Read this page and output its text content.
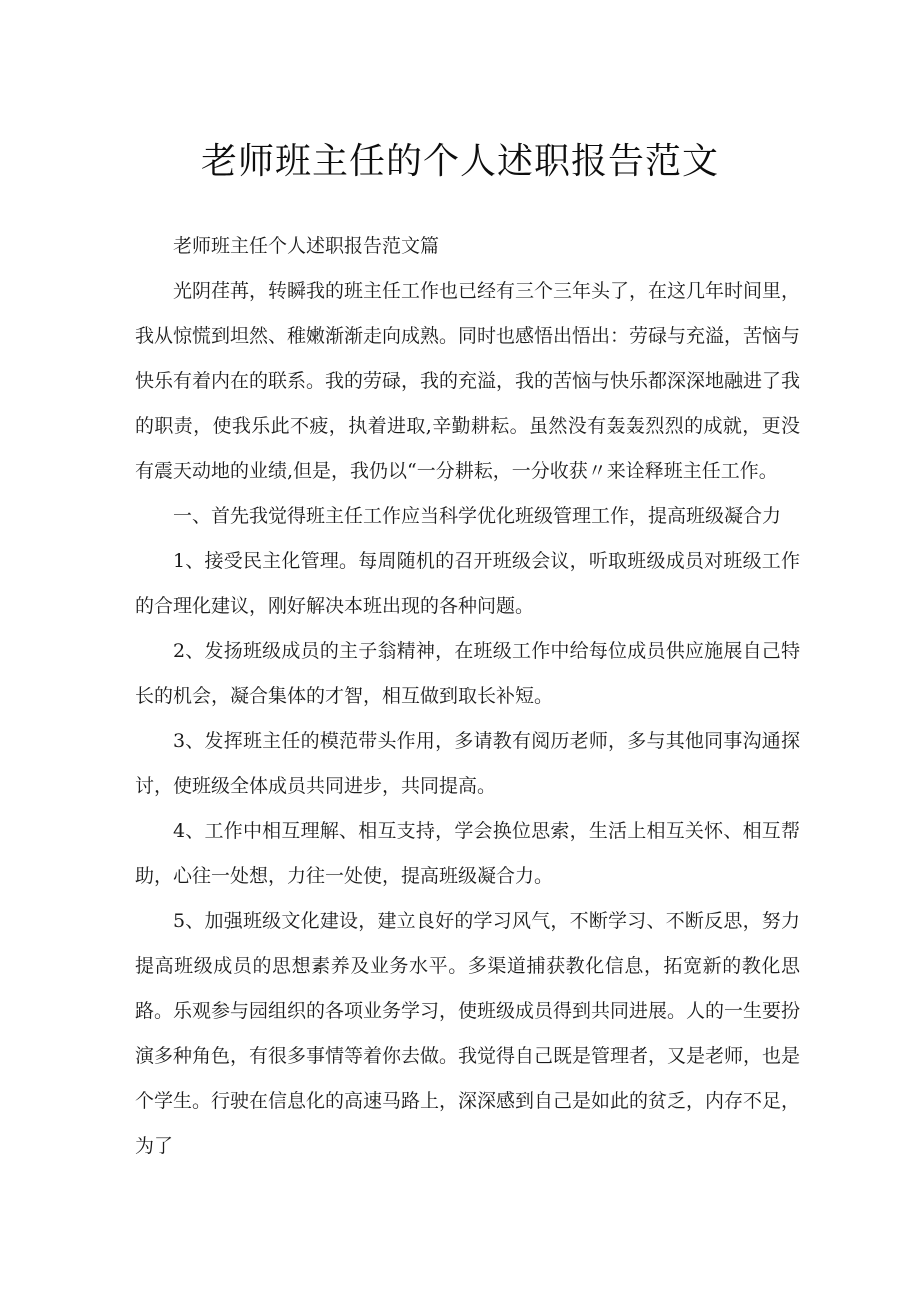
老师班主任的个人述职报告范文

老师班主任个人述职报告范文篇

光阴荏苒，转瞬我的班主任工作也已经有三个三年头了，在这几年时间里，我从惊慌到坦然、稚嫩渐渐走向成熟。同时也感悟出悟出：劳碌与充溢，苦恼与快乐有着内在的联系。我的劳碌，我的充溢，我的苦恼与快乐都深深地融进了我的职责，使我乐此不疲，执着进取,辛勤耕耘。虽然没有轰轰烈烈的成就，更没有震天动地的业绩,但是，我仍以“一分耕耘，一分收获〃来诠释班主任工作。

一、首先我觉得班主任工作应当科学优化班级管理工作，提高班级凝合力

1、接受民主化管理。每周随机的召开班级会议，听取班级成员对班级工作的合理化建议，刚好解决本班出现的各种问题。

2、发扬班级成员的主子翁精神，在班级工作中给每位成员供应施展自己特长的机会，凝合集体的才智，相互做到取长补短。

3、发挥班主任的模范带头作用，多请教有阅历老师，多与其他同事沟通探讨，使班级全体成员共同进步，共同提高。

4、工作中相互理解、相互支持，学会换位思索，生活上相互关怀、相互帮助，心往一处想，力往一处使，提高班级凝合力。

5、加强班级文化建设，建立良好的学习风气，不断学习、不断反思，努力提高班级成员的思想素养及业务水平。多渠道捕获教化信息，拓宽新的教化思路。乐观参与园组织的各项业务学习，使班级成员得到共同进展。人的一生要扮演多种角色，有很多事情等着你去做。我觉得自己既是管理者，又是老师，也是个学生。行驶在信息化的高速马路上，深深感到自己是如此的贫乏，内存不足，为了
